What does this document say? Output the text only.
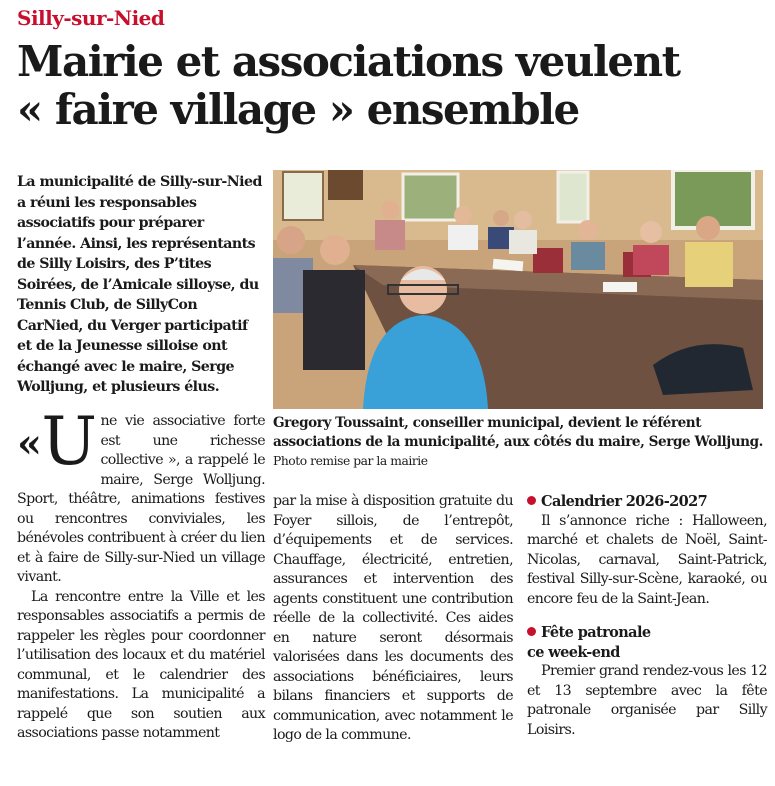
Silly-sur-Nied
Mairie et associations veulent
« faire village » ensemble
La municipalité de Silly-sur-Nied a réuni les responsables associatifs pour préparer l’année. Ainsi, les représentants de Silly Loisirs, des P’tites Soirées, de l’Amicale silloyse, du Tennis Club, de SillyCon CarNied, du Verger participatif et de la Jeunesse silloise ont échangé avec le maire, Serge Wolljung, et plusieurs élus.
Gregory Toussaint, conseiller municipal, devient le référent associations de la municipalité, aux côtés du maire, Serge Wolljung. Photo remise par la mairie

« U ne vie associative forte est une richesse collective », a rappelé le maire, Serge Wolljung. Sport, théâtre, animations festives ou rencontres conviviales, les bénévoles contribuent à créer du lien et à faire de Silly-sur-Nied un village vivant.

La rencontre entre la Ville et les responsables associatifs a permis de rappeler les règles pour coordonner l’utilisation des locaux et du matériel communal, et le calendrier des manifestations. La municipalité a rappelé que son soutien aux associations passe notamment

par la mise à disposition gratuite du Foyer sillois, de l’entrepôt, d’équipements et de services. Chauffage, électricité, entretien, assurances et intervention des agents constituent une contribution réelle de la collectivité. Ces aides en nature seront désormais valorisées dans les documents des associations bénéficiaires, leurs bilans financiers et supports de communication, avec notamment le logo de la commune.

Calendrier 2026-2027

Il s’annonce riche : Halloween, marché et chalets de Noël, Saint-Nicolas, carnaval, Saint-Patrick, festival Silly-sur-Scène, karaoké, ou encore feu de la Saint-Jean.

Fête patronale
ce week-end

Premier grand rendez-vous les 12 et 13 septembre avec la fête patronale organisée par Silly Loisirs.
